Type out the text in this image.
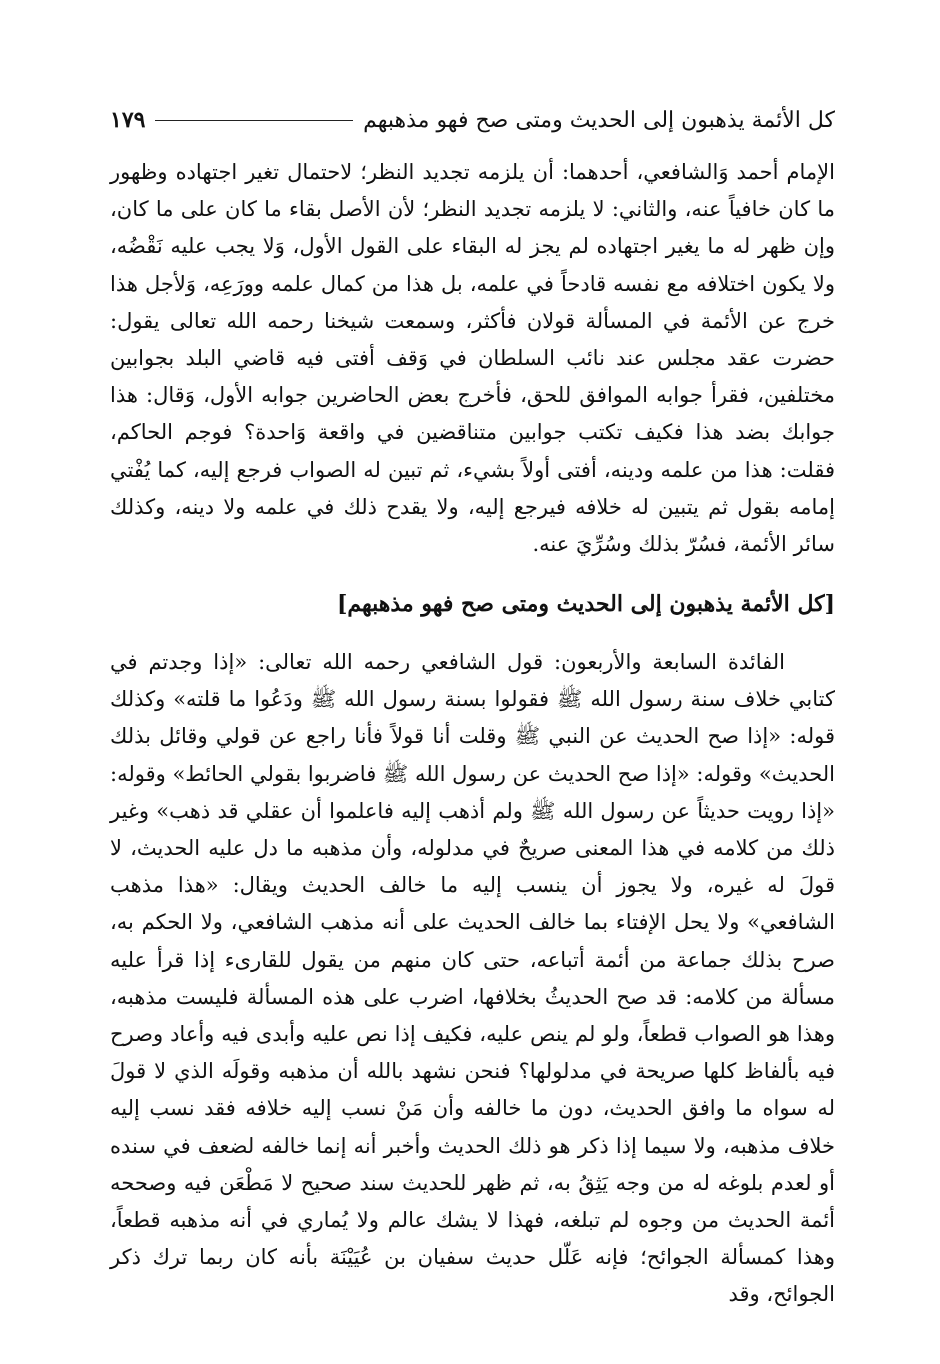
كل الأئمة يذهبون إلى الحديث ومتى صح فهو مذهبهم
١٧٩

الإمام أحمد وَالشافعي، أحدهما: أن يلزمه تجديد النظر؛ لاحتمال تغير اجتهاده وظهور ما كان خافياً عنه، والثاني: لا يلزمه تجديد النظر؛ لأن الأصل بقاء ما كان على ما كان، وإن ظهر له ما يغير اجتهاده لم يجز له البقاء على القول الأول، وَلا يجب عليه نَقْضُه، ولا يكون اختلافه مع نفسه قادحاً في علمه، بل هذا من كمال علمه وورَعِه، وَلأجل هذا خرج عن الأئمة في المسألة قولان فأكثر، وسمعت شيخنا رحمه الله تعالى يقول: حضرت عقد مجلس عند نائب السلطان في وَقف أفتى فيه قاضي البلد بجوابين مختلفين، فقرأ جوابه الموافق للحق، فأخرج بعض الحاضرين جوابه الأول، وَقال: هذا جوابك بضد هذا فكيف تكتب جوابين متناقضين في واقعة وَاحدة؟ فوجم الحاكم، فقلت: هذا من علمه ودينه، أفتى أولاً بشيء، ثم تبين له الصواب فرجع إليه، كما يُفْتي إمامه بقول ثم يتبين له خلافه فيرجع إليه، ولا يقدح ذلك في علمه ولا دينه، وكذلك سائر الأئمة، فسُرّ بذلك وسُرِّيَ عنه.

[كل الأئمة يذهبون إلى الحديث ومتى صح فهو مذهبهم]

الفائدة السابعة والأربعون: قول الشافعي رحمه الله تعالى: «إذا وجدتم في كتابي خلاف سنة رسول الله ﷺ فقولوا بسنة رسول الله ﷺ ودَعُوا ما قلته» وكذلك قوله: «إذا صح الحديث عن النبي ﷺ وقلت أنا قولاً فأنا راجع عن قولي وقائل بذلك الحديث» وقوله: «إذا صح الحديث عن رسول الله ﷺ فاضربوا بقولي الحائط» وقوله: «إذا رويت حديثاً عن رسول الله ﷺ ولم أذهب إليه فاعلموا أن عقلي قد ذهب» وغير ذلك من كلامه في هذا المعنى صريحٌ في مدلوله، وأن مذهبه ما دل عليه الحديث، لا قولَ له غيره، ولا يجوز أن ينسب إليه ما خالف الحديث ويقال: «هذا مذهب الشافعي» ولا يحل الإفتاء بما خالف الحديث على أنه مذهب الشافعي، ولا الحكم به، صرح بذلك جماعة من أئمة أتباعه، حتى كان منهم من يقول للقارىء إذا قرأ عليه مسألة من كلامه: قد صح الحديثُ بخلافها، اضرب على هذه المسألة فليست مذهبه، وهذا هو الصواب قطعاً، ولو لم ينص عليه، فكيف إذا نص عليه وأبدى فيه وأعاد وصرح فيه بألفاظ كلها صريحة في مدلولها؟ فنحن نشهد بالله أن مذهبه وقولَه الذي لا قولَ له سواه ما وافق الحديث، دون ما خالفه وأن مَنْ نسب إليه خلافه فقد نسب إليه خلاف مذهبه، ولا سيما إذا ذكر هو ذلك الحديث وأخبر أنه إنما خالفه لضعف في سنده أو لعدم بلوغه له من وجه يَثِقُ به، ثم ظهر للحديث سند صحيح لا مَطْعَن فيه وصححه أئمة الحديث من وجوه لم تبلغه، فهذا لا يشك عالم ولا يُماري في أنه مذهبه قطعاً، وهذا كمسألة الجوائح؛ فإنه عَلّل حديث سفيان بن عُيَيْنَة بأنه كان ربما ترك ذكر الجوائح، وقد
